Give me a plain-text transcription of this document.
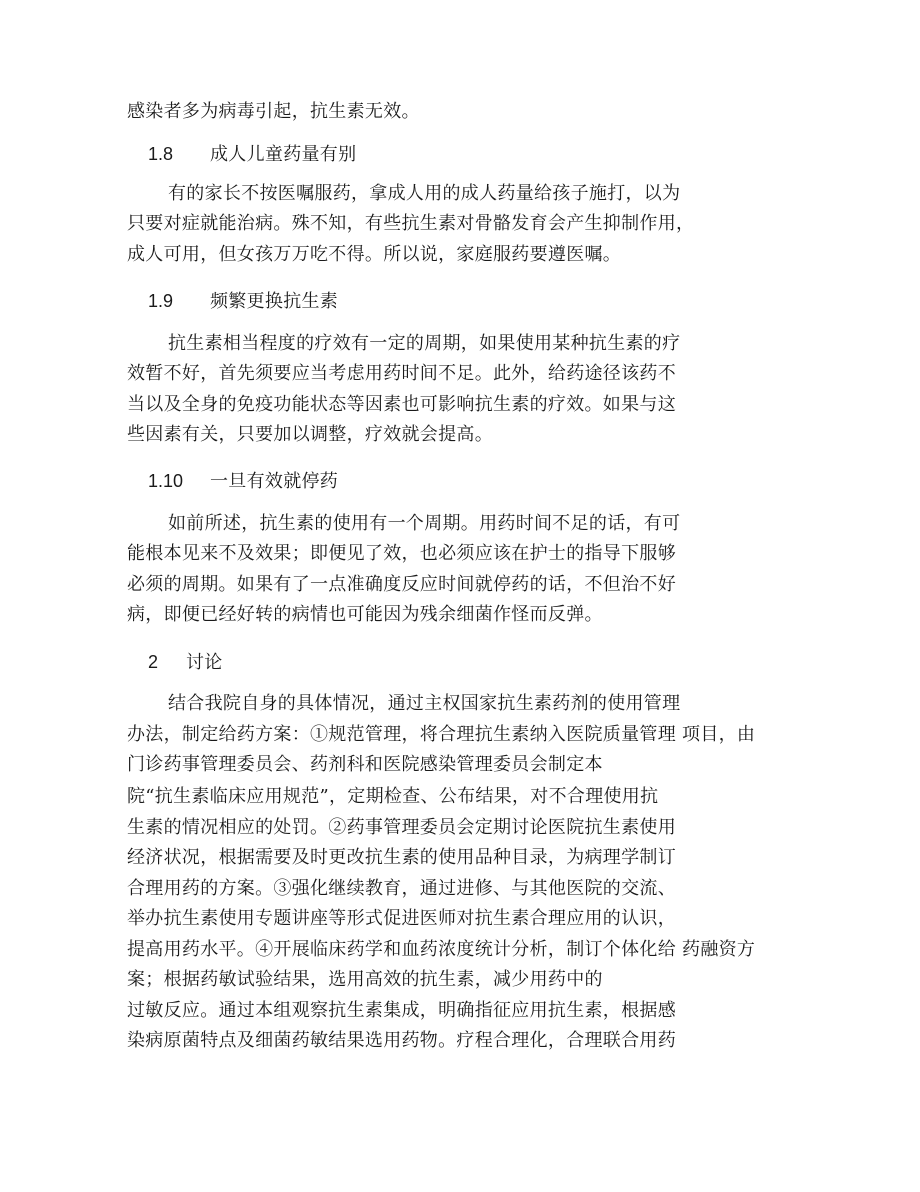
感染者多为病毒引起，抗生素无效。
1.8 成人儿童药量有别
有的家长不按医嘱服药，拿成人用的成人药量给孩子施打，以为
只要对症就能治病。殊不知，有些抗生素对骨骼发育会产生抑制作用，
成人可用，但女孩万万吃不得。所以说，家庭服药要遵医嘱。
1.9 频繁更换抗生素
抗生素相当程度的疗效有一定的周期，如果使用某种抗生素的疗
效暂不好，首先须要应当考虑用药时间不足。此外，给药途径该药不
当以及全身的免疫功能状态等因素也可影响抗生素的疗效。如果与这
些因素有关，只要加以调整，疗效就会提高。
1.10 一旦有效就停药
如前所述，抗生素的使用有一个周期。用药时间不足的话，有可
能根本见来不及效果；即便见了效，也必须应该在护士的指导下服够
必须的周期。如果有了一点准确度反应时间就停药的话，不但治不好
病，即便已经好转的病情也可能因为残余细菌作怪而反弹。
2 讨论
结合我院自身的具体情况，通过主权国家抗生素药剂的使用管理
办法，制定给药方案：①规范管理，将合理抗生素纳入医院质量管理 项目，由
门诊药事管理委员会、药剂科和医院感染管理委员会制定本
院“抗生素临床应用规范”，定期检查、公布结果，对不合理使用抗
生素的情况相应的处罚。②药事管理委员会定期讨论医院抗生素使用
经济状况，根据需要及时更改抗生素的使用品种目录，为病理学制订
合理用药的方案。③强化继续教育，通过进修、与其他医院的交流、
举办抗生素使用专题讲座等形式促进医师对抗生素合理应用的认识，
提高用药水平。④开展临床药学和血药浓度统计分析，制订个体化给 药融资方
案；根据药敏试验结果，选用高效的抗生素，减少用药中的
过敏反应。通过本组观察抗生素集成，明确指征应用抗生素，根据感
染病原菌特点及细菌药敏结果选用药物。疗程合理化，合理联合用药
